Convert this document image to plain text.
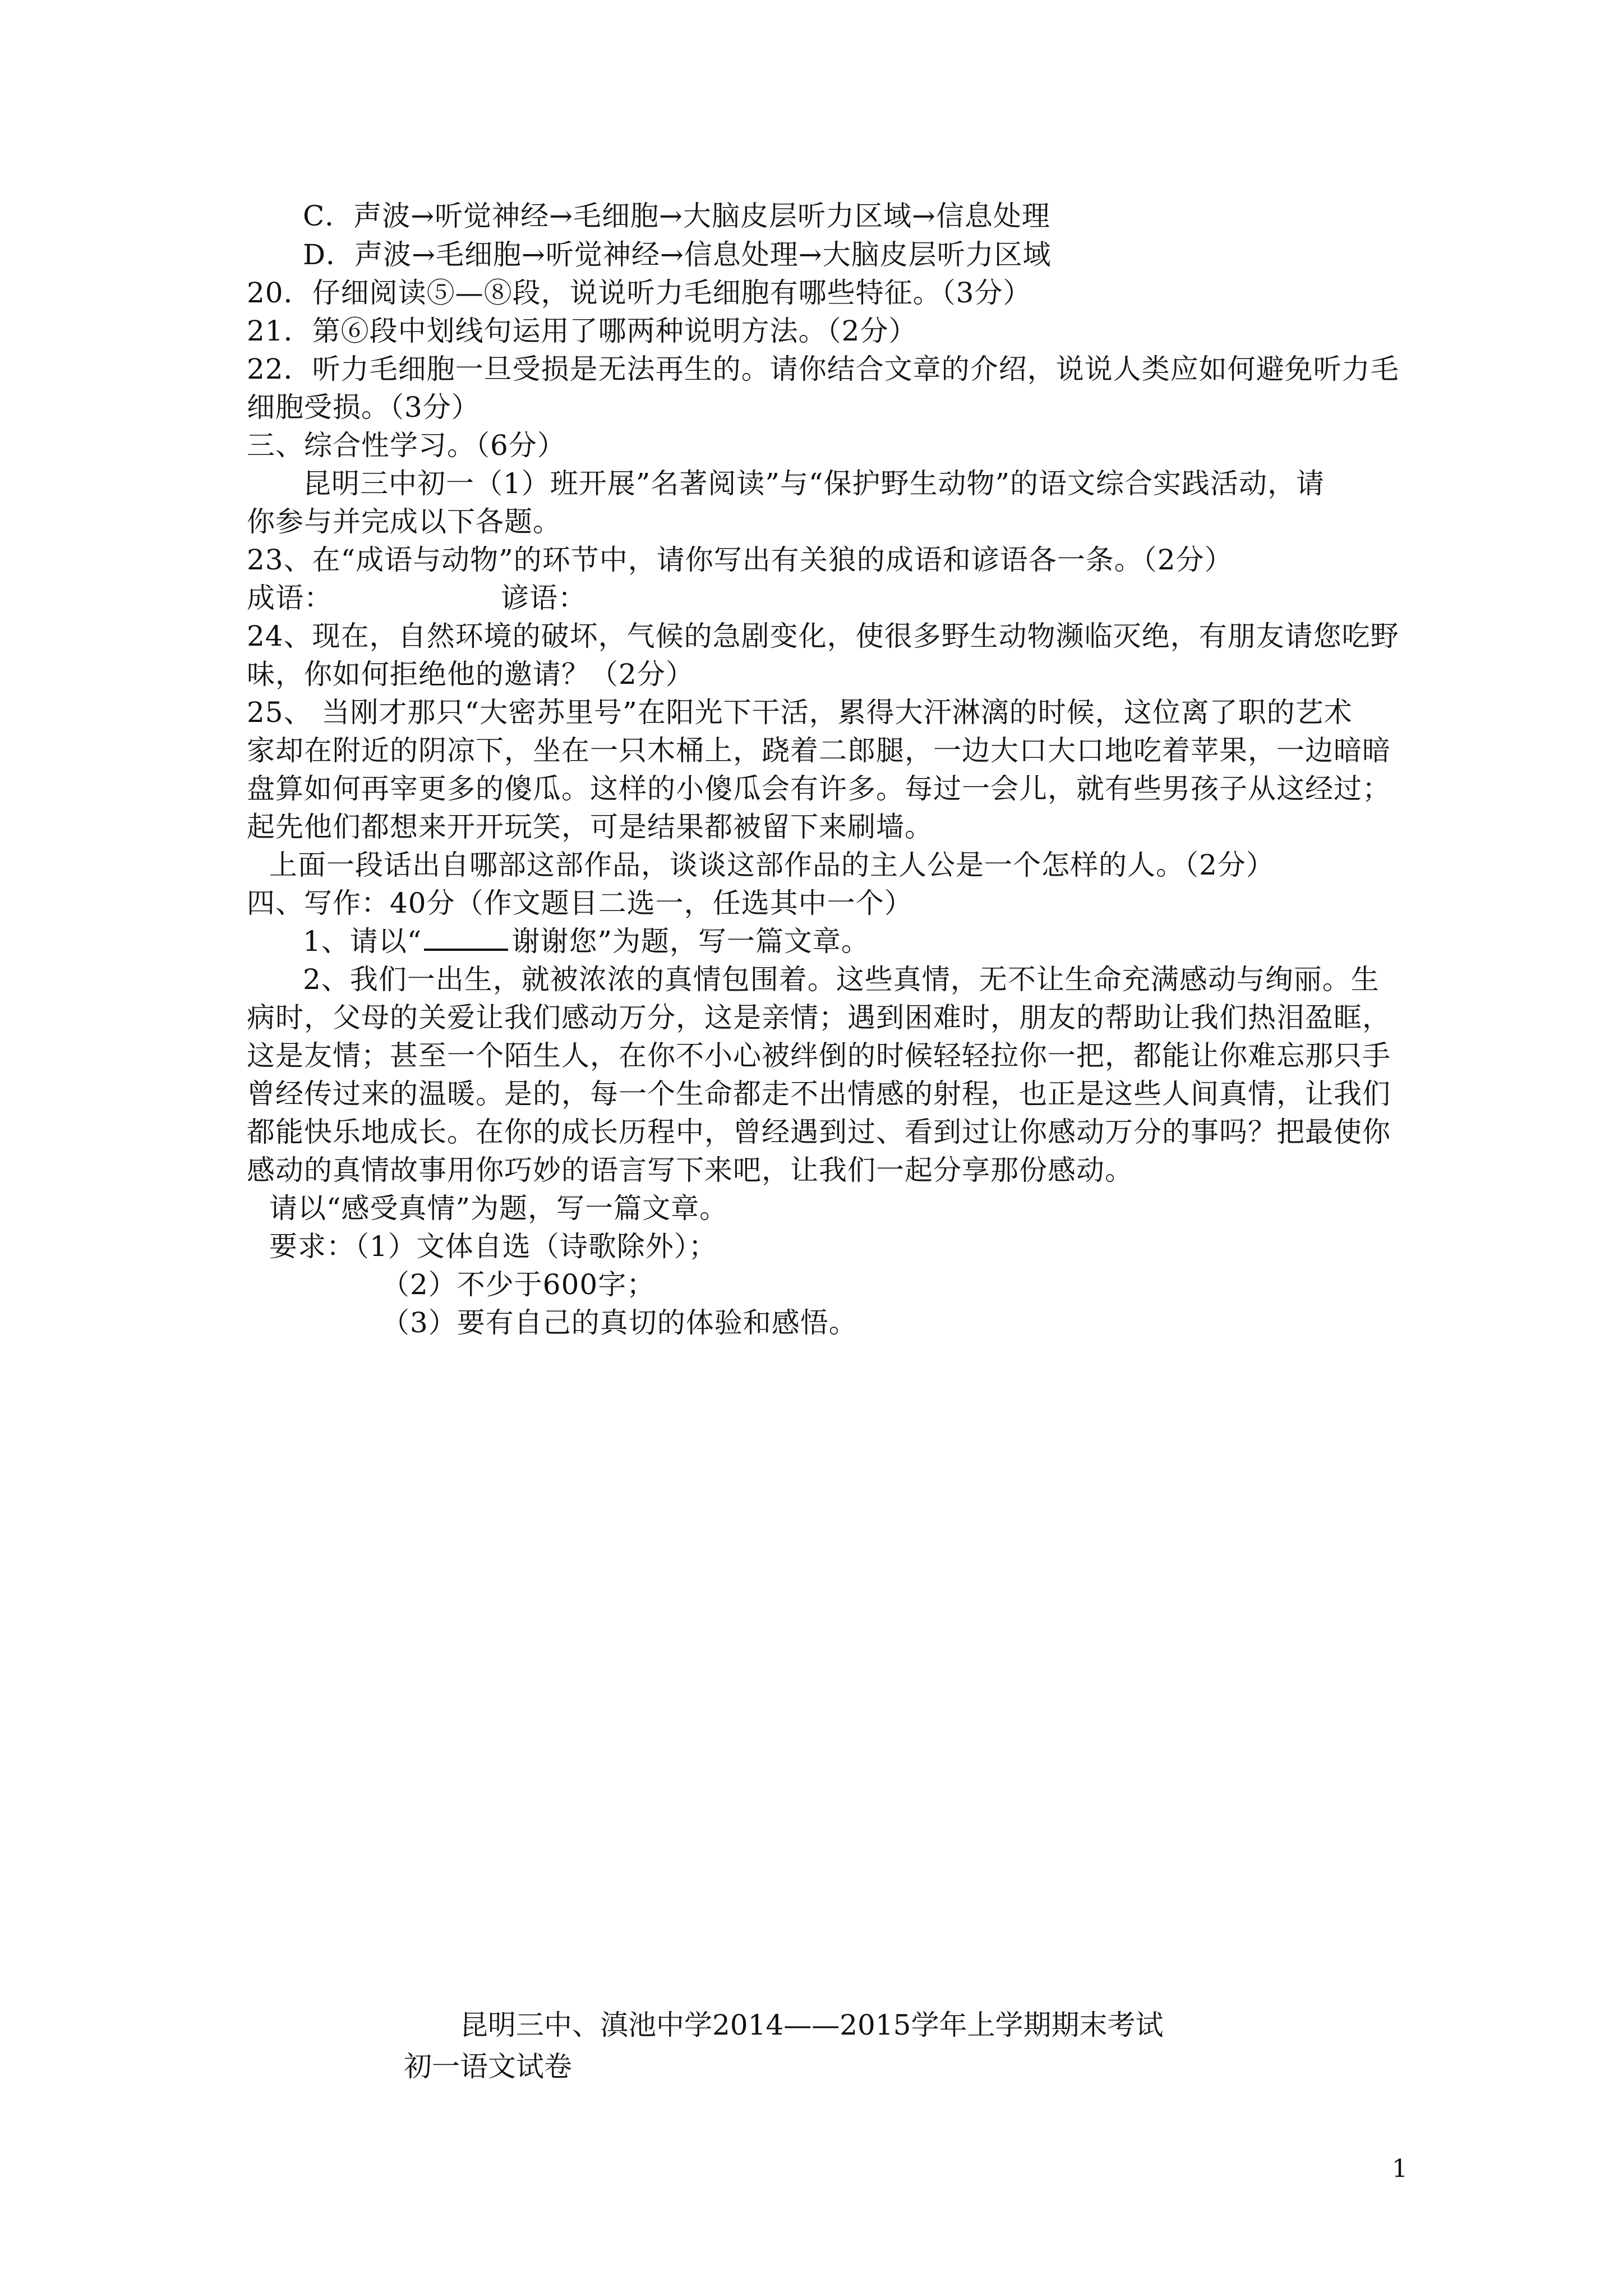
C．声波→听觉神经→毛细胞→大脑皮层听力区域→信息处理
D．声波→毛细胞→听觉神经→信息处理→大脑皮层听力区域
20．仔细阅读⑤—⑧段，说说听力毛细胞有哪些特征。（3分）
21．第⑥段中划线句运用了哪两种说明方法。（2分）
22．听力毛细胞一旦受损是无法再生的。请你结合文章的介绍，说说人类应如何避免听力毛
细胞受损。（3分）
三、综合性学习。（6分）
昆明三中初一（1）班开展”名著阅读”与“保护野生动物”的语文综合实践活动，请
你参与并完成以下各题。
23、在“成语与动物”的环节中，请你写出有关狼的成语和谚语各一条。（2分）
成语：	谚语：
24、现在，自然环境的破坏，气候的急剧变化，使很多野生动物濒临灭绝，有朋友请您吃野
味，你如何拒绝他的邀请？（2分）
25、 当刚才那只“大密苏里号”在阳光下干活，累得大汗淋漓的时候，这位离了职的艺术
家却在附近的阴凉下，坐在一只木桶上，跷着二郎腿，一边大口大口地吃着苹果，一边暗暗
盘算如何再宰更多的傻瓜。这样的小傻瓜会有许多。每过一会儿，就有些男孩子从这经过；
起先他们都想来开开玩笑，可是结果都被留下来刷墙。
上面一段话出自哪部这部作品，谈谈这部作品的主人公是一个怎样的人。（2分）
四、写作：40分（作文题目二选一，任选其中一个）
1、请以“	谢谢您”为题，写一篇文章。
2、我们一出生，就被浓浓的真情包围着。这些真情，无不让生命充满感动与绚丽。生
病时，父母的关爱让我们感动万分，这是亲情；遇到困难时，朋友的帮助让我们热泪盈眶，
这是友情；甚至一个陌生人，在你不小心被绊倒的时候轻轻拉你一把，都能让你难忘那只手
曾经传过来的温暖。是的，每一个生命都走不出情感的射程，也正是这些人间真情，让我们
都能快乐地成长。在你的成长历程中，曾经遇到过、看到过让你感动万分的事吗？把最使你
感动的真情故事用你巧妙的语言写下来吧，让我们一起分享那份感动。
请以“感受真情”为题，写一篇文章。
要求：（1）文体自选（诗歌除外）；
（2）不少于600字；
（3）要有自己的真切的体验和感悟。
昆明三中、滇池中学2014——2015学年上学期期末考试
初一语文试卷
1
